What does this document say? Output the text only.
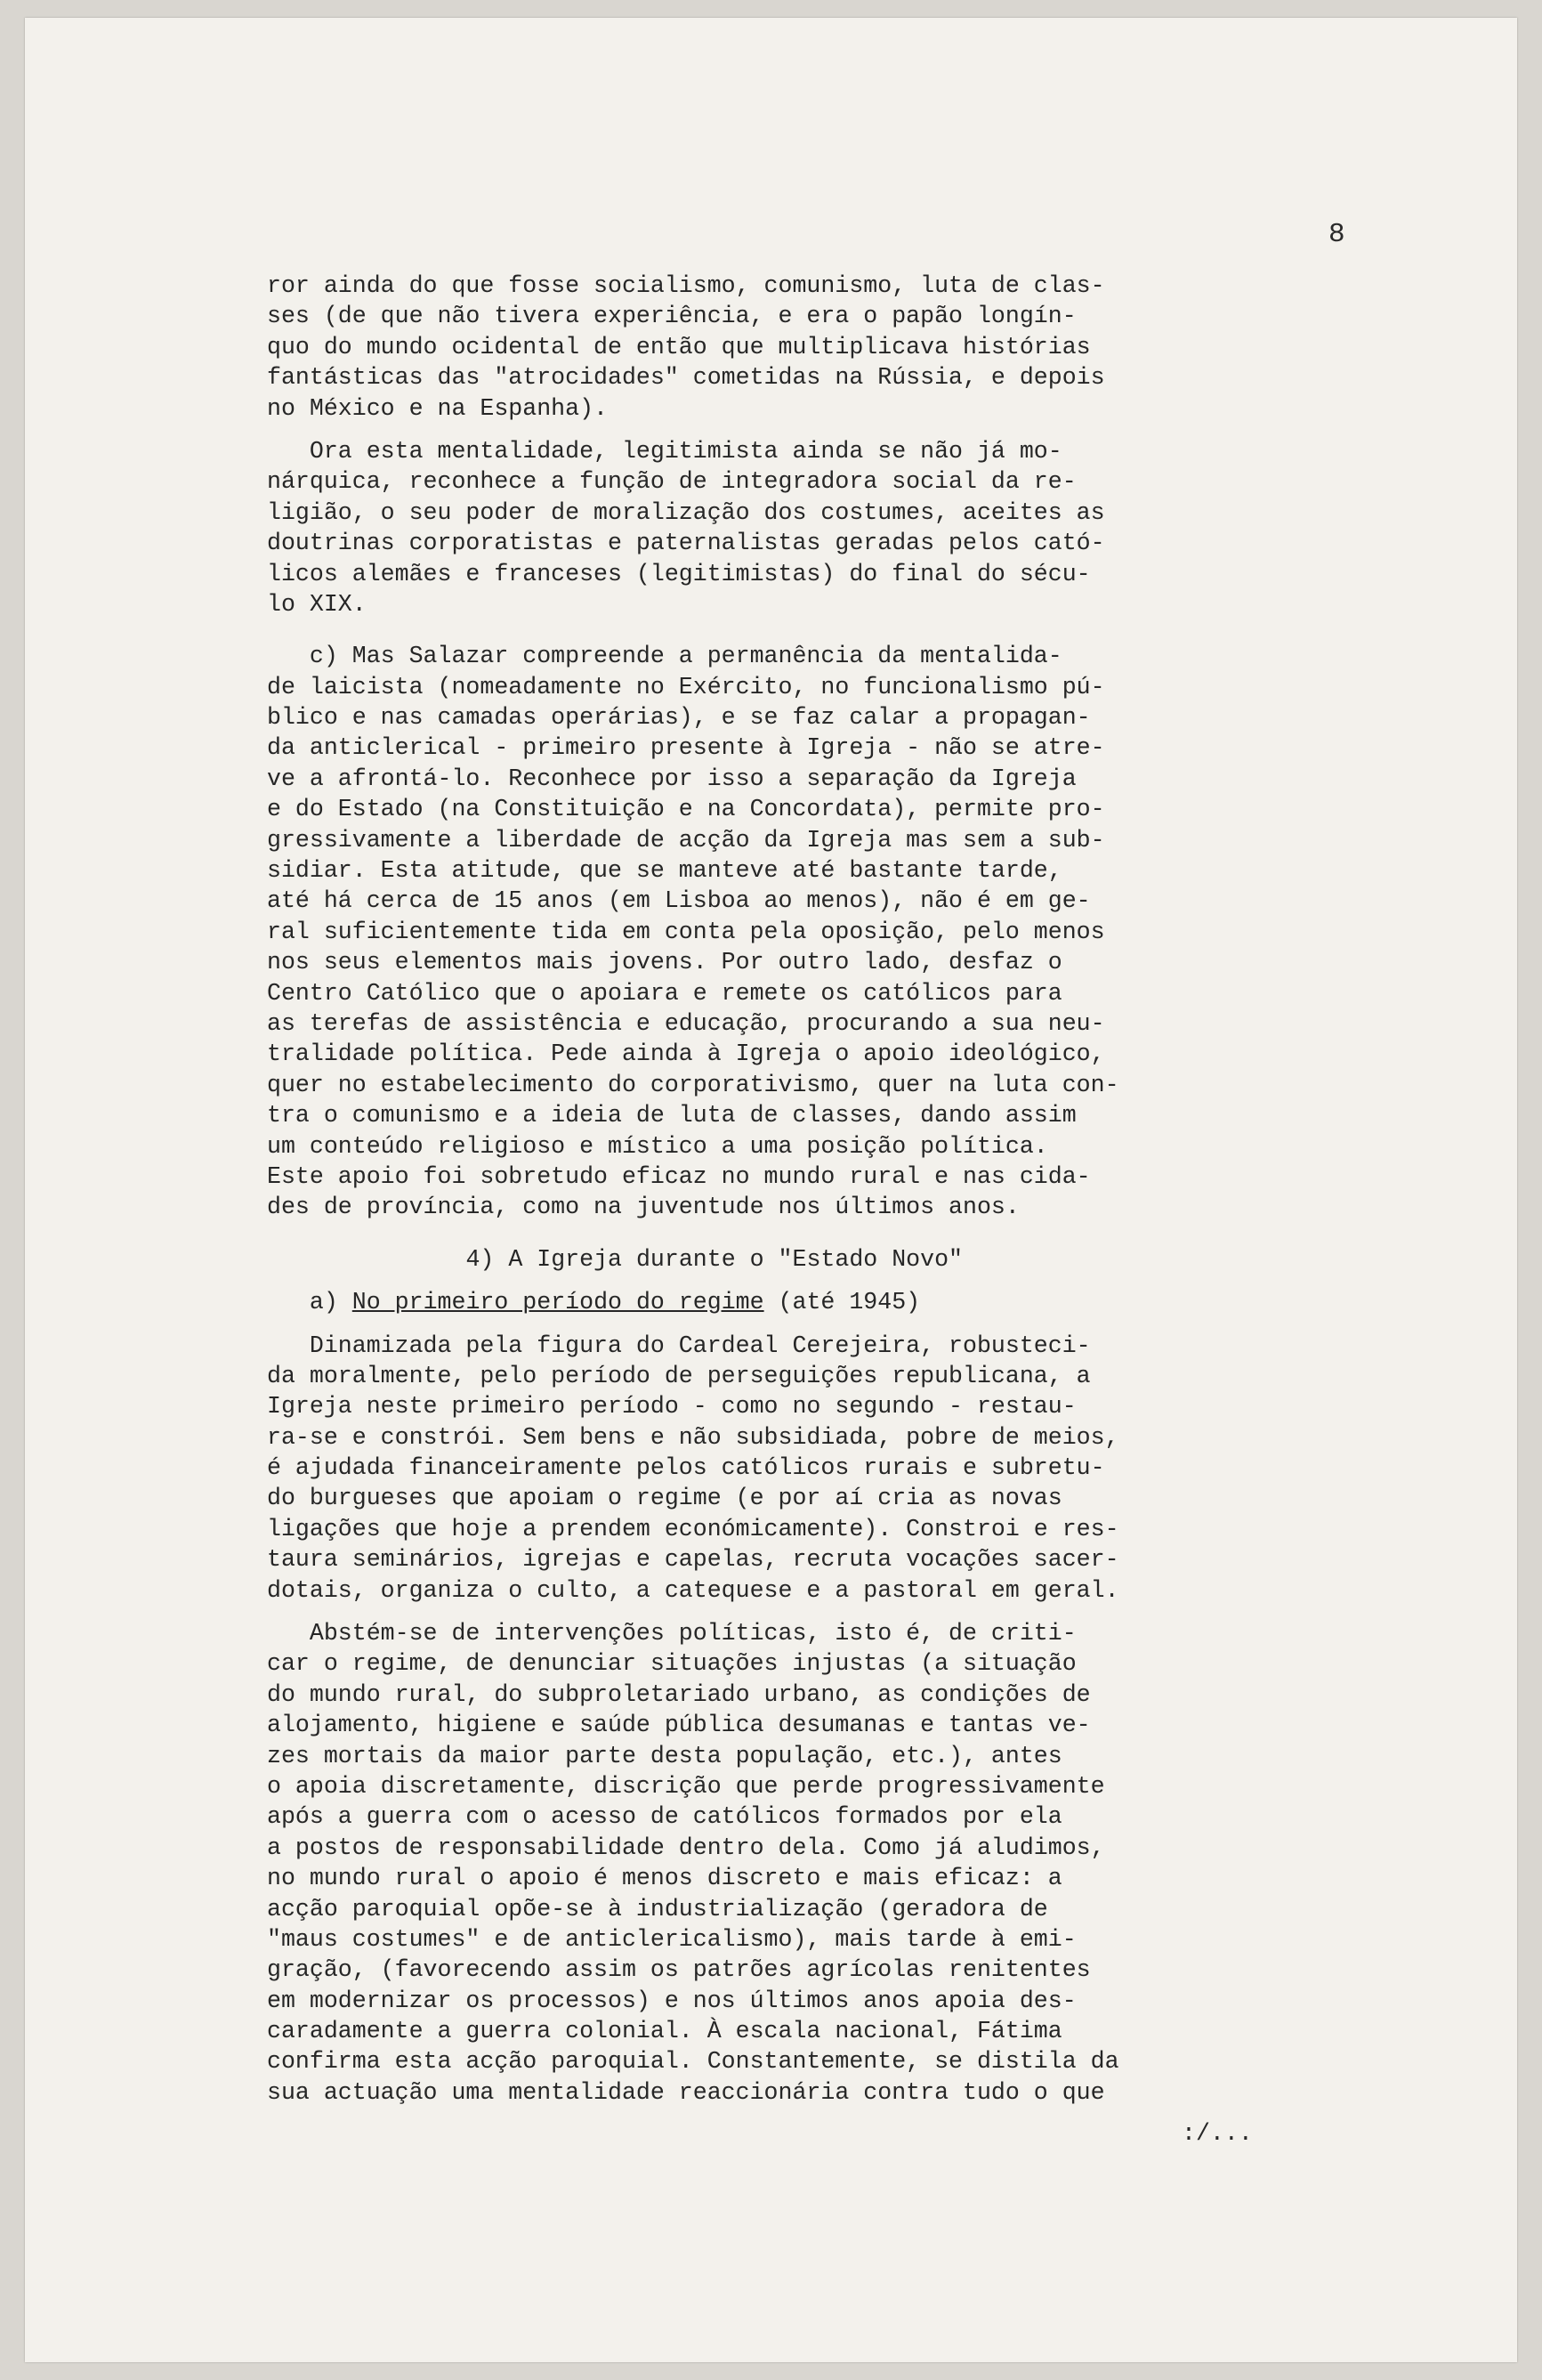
8
ror ainda do que fosse socialismo, comunismo, luta de clas-
ses (de que não tivera experiência, e era o papão longín-
quo do mundo ocidental de então que multiplicava histórias
fantásticas das "atrocidades" cometidas na Rússia, e depois
no México e na Espanha).
Ora esta mentalidade, legitimista ainda se não já mo-
nárquica, reconhece a função de integradora social da re-
ligião, o seu poder de moralização dos costumes, aceites as
doutrinas corporatistas e paternalistas geradas pelos cató-
licos alemães e franceses (legitimistas) do final do sécu-
lo XIX.
c) Mas Salazar compreende a permanência da mentalida-
de laicista (nomeadamente no Exército, no funcionalismo pú-
blico e nas camadas operárias), e se faz calar a propagan-
da anticlerical - primeiro presente à Igreja - não se atre-
ve a afrontá-lo. Reconhece por isso a separação da Igreja
e do Estado (na Constituição e na Concordata), permite pro-
gressivamente a liberdade de acção da Igreja mas sem a sub-
sidiar. Esta atitude, que se manteve até bastante tarde,
até há cerca de 15 anos (em Lisboa ao menos), não é em ge-
ral suficientemente tida em conta pela oposição, pelo menos
nos seus elementos mais jovens. Por outro lado, desfaz o
Centro Católico que o apoiara e remete os católicos para
as terefas de assistência e educação, procurando a sua neu-
tralidade política. Pede ainda à Igreja o apoio ideológico,
quer no estabelecimento do corporativismo, quer na luta con-
tra o comunismo e a ideia de luta de classes, dando assim
um conteúdo religioso e místico a uma posição política.
Este apoio foi sobretudo eficaz no mundo rural e nas cida-
des de província, como na juventude nos últimos anos.
4) A Igreja durante o "Estado Novo"
a) No primeiro período do regime (até 1945)
Dinamizada pela figura do Cardeal Cerejeira, robusteci-
da moralmente, pelo período de perseguições republicana, a
Igreja neste primeiro período - como no segundo - restau-
ra-se e constrói. Sem bens e não subsidiada, pobre de meios,
é ajudada financeiramente pelos católicos rurais e subretu-
do burgueses que apoiam o regime (e por aí cria as novas
ligações que hoje a prendem económicamente). Constroi e res-
taura seminários, igrejas e capelas, recruta vocações sacer-
dotais, organiza o culto, a catequese e a pastoral em geral.
Abstém-se de intervenções políticas, isto é, de criti-
car o regime, de denunciar situações injustas (a situação
do mundo rural, do subproletariado urbano, as condições de
alojamento, higiene e saúde pública desumanas e tantas ve-
zes mortais da maior parte desta população, etc.), antes
o apoia discretamente, discrição que perde progressivamente
após a guerra com o acesso de católicos formados por ela
a postos de responsabilidade dentro dela. Como já aludimos,
no mundo rural o apoio é menos discreto e mais eficaz: a
acção paroquial opõe-se à industrialização (geradora de
"maus costumes" e de anticlericalismo), mais tarde à emi-
gração, (favorecendo assim os patrões agrícolas renitentes
em modernizar os processos) e nos últimos anos apoia des-
caradamente a guerra colonial. À escala nacional, Fátima
confirma esta acção paroquial. Constantemente, se distila da
sua actuação uma mentalidade reaccionária contra tudo o que
:/...
